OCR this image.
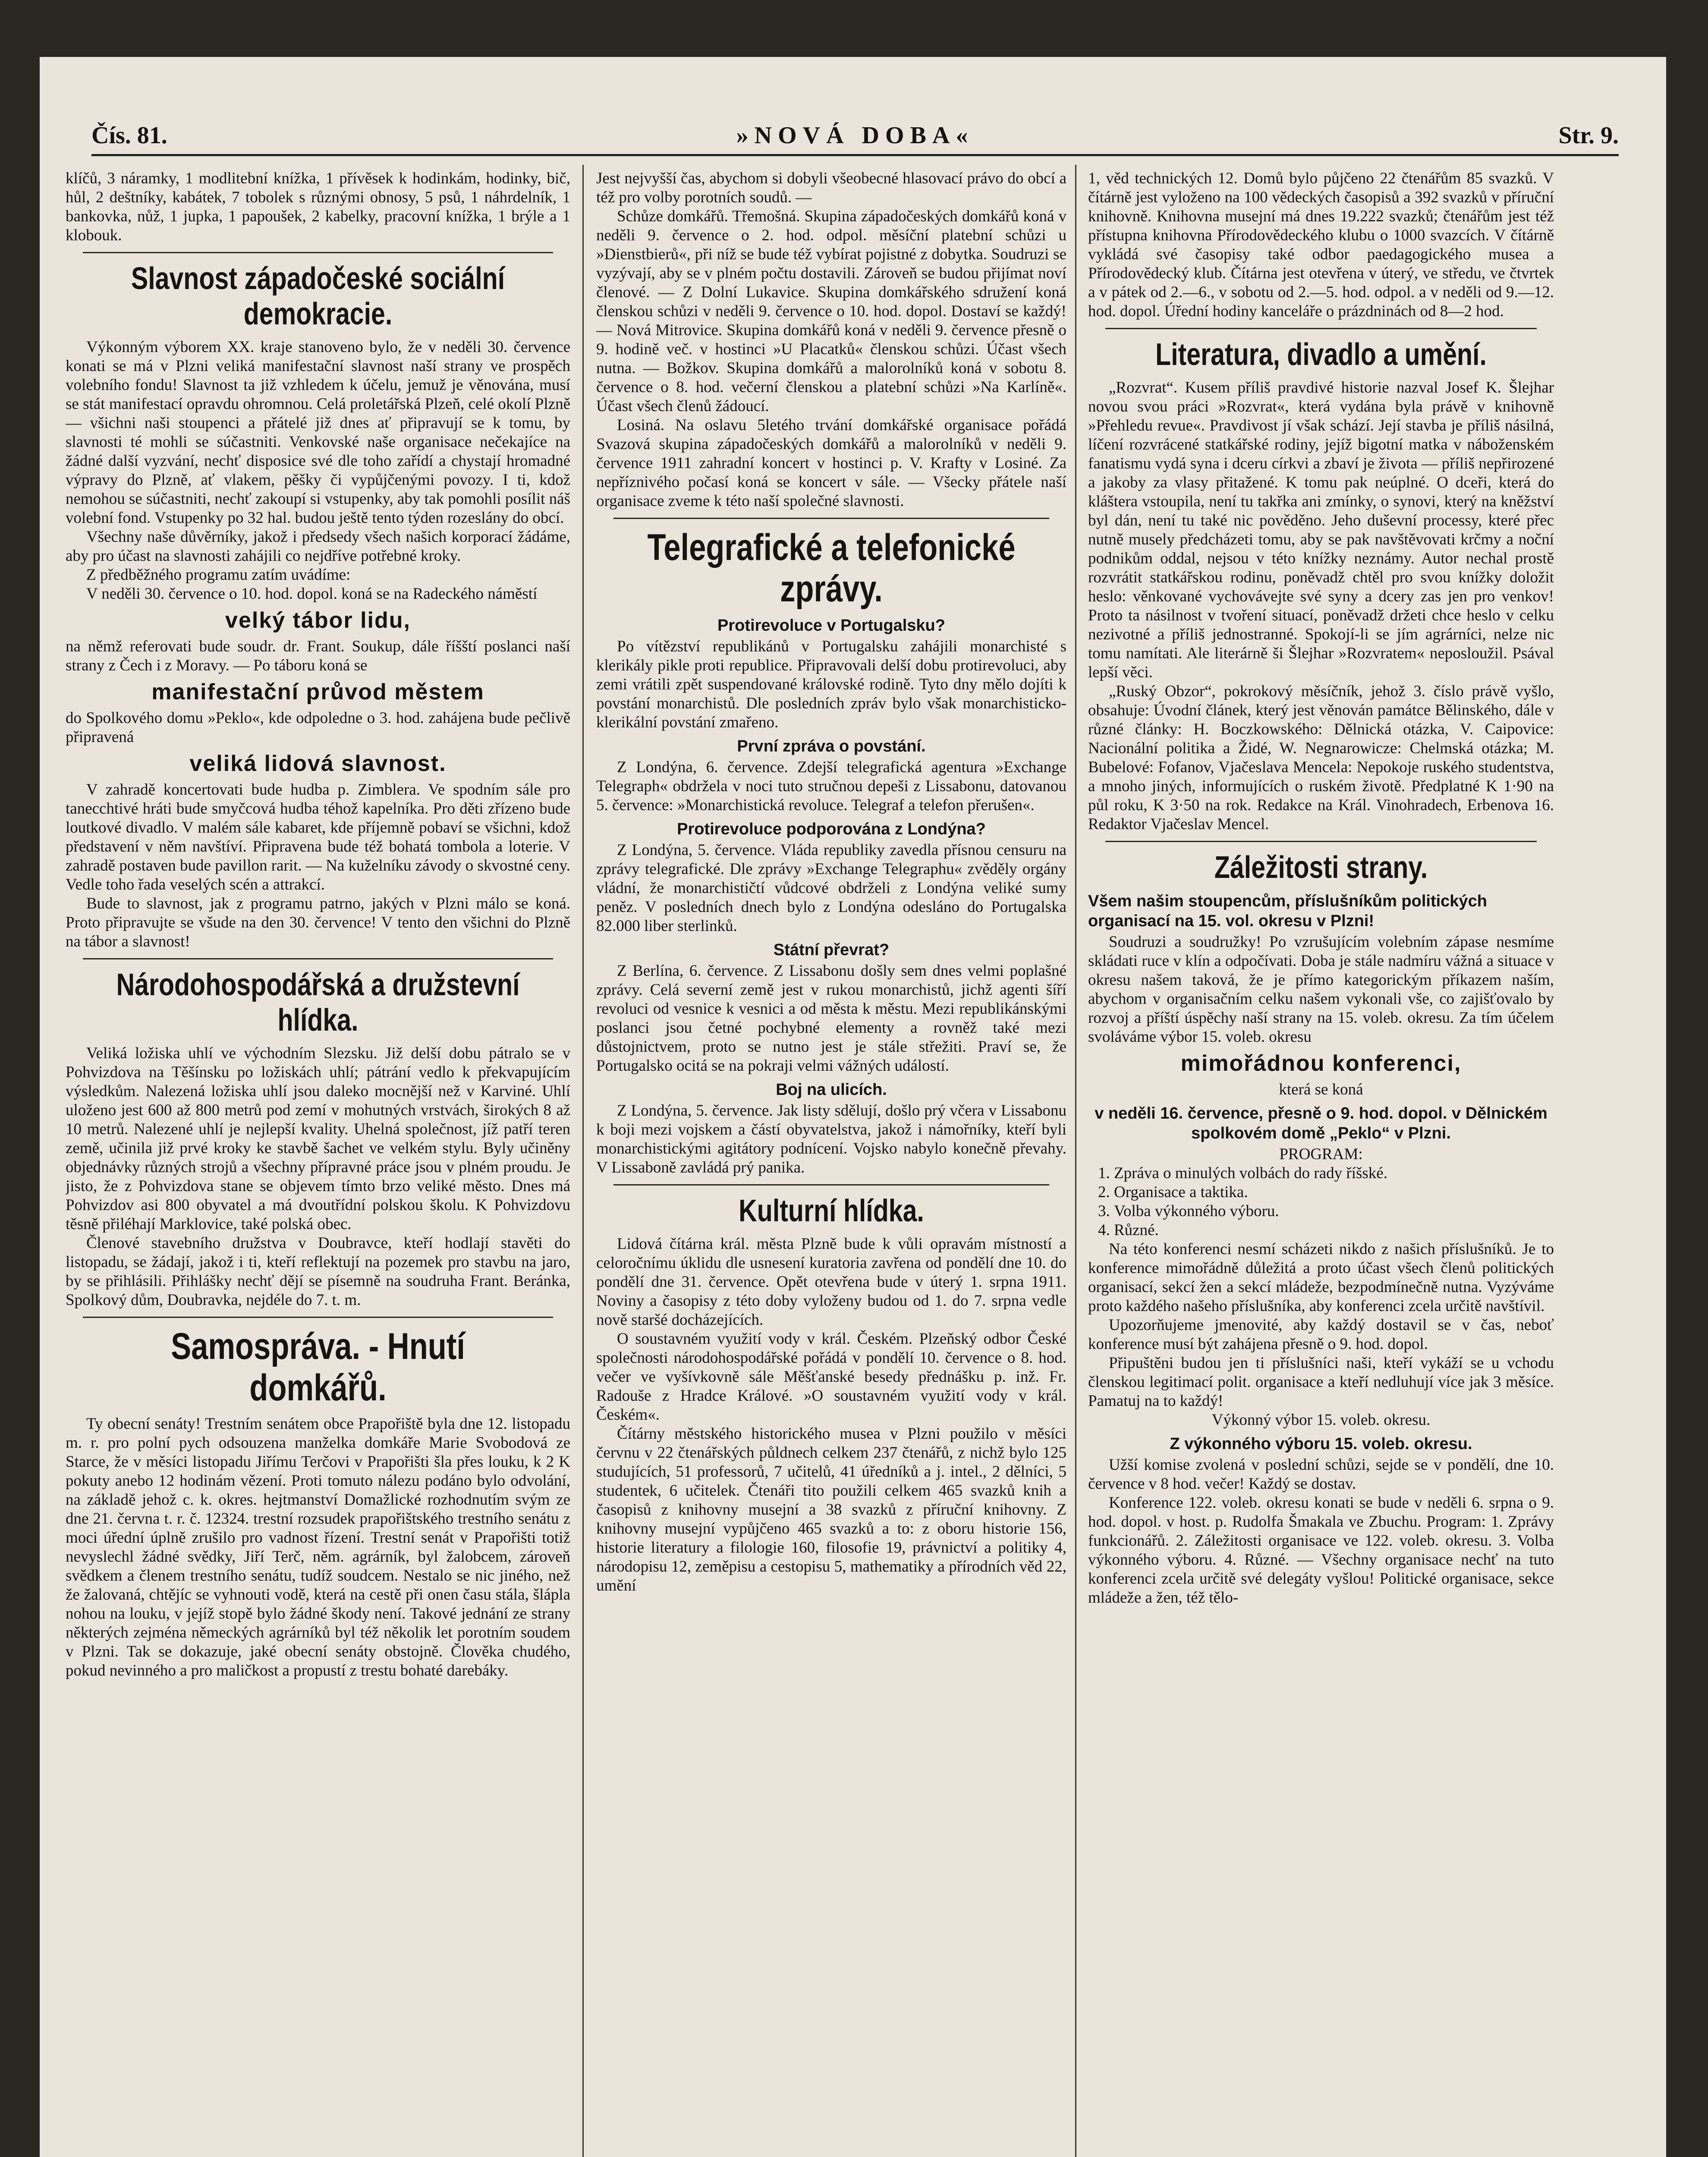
Čís. 81.	»NOVÁ DOBA«	Str. 9.

klíčů, 3 náramky, 1 modlitební knížka, 1 přívěsek k hodinkám, hodinky, bič, hůl, 2 deštníky, kabátek, 7 tobolek s různými obnosy, 5 psů, 1 náhrdelník, 1 bankovka, nůž, 1 jupka, 1 papoušek, 2 kabelky, pracovní knížka, 1 brýle a 1 klobouk.

Slavnost západočeské sociální demokracie.

Výkonným výborem XX. kraje stanoveno bylo, že v neděli 30. července konati se má v Plzni veliká manifestační slavnost naší strany ve prospěch volebního fondu! Slavnost ta již vzhledem k účelu, jemuž je věnována, musí se stát manifestací opravdu ohromnou. Celá proletářská Plzeň, celé okolí Plzně — všichni naši stoupenci a přátelé již dnes ať připravují se k tomu, by slavnosti té mohli se súčastniti. Venkovské naše organisace nečekajíce na žádné další vyzvání, nechť disposice své dle toho zařídí a chystají hromadné výpravy do Plzně, ať vlakem, pěšky či vypůjčenými povozy. I ti, kdož nemohou se súčastniti, nechť zakoupí si vstupenky, aby tak pomohli posílit náš volební fond. Vstupenky po 32 hal. budou ještě tento týden rozeslány do obcí.

Všechny naše důvěrníky, jakož i předsedy všech našich korporací žádáme, aby pro účast na slavnosti zahájili co nejdříve potřebné kroky.

Z předběžného programu zatím uvádíme:

V neděli 30. července o 10. hod. dopol. koná se na Radeckého náměstí

velký tábor lidu,

na němž referovati bude soudr. dr. Frant. Soukup, dále říšští poslanci naší strany z Čech i z Moravy. — Po táboru koná se

manifestační průvod městem

do Spolkového domu »Peklo«, kde odpoledne o 3. hod. zahájena bude pečlivě připravená

veliká lidová slavnost.

V zahradě koncertovati bude hudba p. Zimblera. Ve spodním sále pro tanecchtivé hráti bude smyčcová hudba téhož kapelníka. Pro děti zřízeno bude loutkové divadlo. V malém sále kabaret, kde příjemně pobaví se všichni, kdož představení v něm navštíví. Připravena bude též bohatá tombola a loterie. V zahradě postaven bude pavillon rarit. — Na kuželníku závody o skvostné ceny. Vedle toho řada veselých scén a attrakcí.

Bude to slavnost, jak z programu patrno, jakých v Plzni málo se koná. Proto připravujte se všude na den 30. července! V tento den všichni do Plzně na tábor a slavnost!

Národohospodářská a družstevní hlídka.

Veliká ložiska uhlí ve východním Slezsku. Již delší dobu pátralo se v Pohvizdova na Těšínsku po ložiskách uhlí; pátrání vedlo k překvapujícím výsledkům. Nalezená ložiska uhlí jsou daleko mocnější než v Karviné. Uhlí uloženo jest 600 až 800 metrů pod zemí v mohutných vrstvách, širokých 8 až 10 metrů. Nalezené uhlí je nejlepší kvality. Uhelná společnost, jíž patří teren země, učinila již prvé kroky ke stavbě šachet ve velkém stylu. Byly učiněny objednávky různých strojů a všechny přípravné práce jsou v plném proudu. Je jisto, že z Pohvizdova stane se objevem tímto brzo veliké město. Dnes má Pohvizdov asi 800 obyvatel a má dvoutřídní polskou školu. K Pohvizdovu těsně přiléhají Marklovice, také polská obec.

Členové stavebního družstva v Doubravce, kteří hodlají stavěti do listopadu, se žádají, jakož i ti, kteří reflektují na pozemek pro stavbu na jaro, by se přihlásili. Přihlášky nechť dějí se písemně na soudruha Frant. Beránka, Spolkový dům, Doubravka, nejdéle do 7. t. m.

Samospráva. - Hnutí domkářů.

Ty obecní senáty! Trestním senátem obce Prapořiště byla dne 12. listopadu m. r. pro polní pych odsouzena manželka domkáře Marie Svobodová ze Starce, že v měsíci listopadu Jiřímu Terčovi v Prapořišti šla přes louku, k 2 K pokuty anebo 12 hodinám vězení. Proti tomuto nálezu podáno bylo odvolání, na základě jehož c. k. okres. hejtmanství Domažlické rozhodnutím svým ze dne 21. června t. r. č. 12324. trestní rozsudek prapořištského trestního senátu z moci úřední úplně zrušilo pro vadnost řízení. Trestní senát v Prapořišti totiž nevyslechl žádné svědky, Jiří Terč, něm. agrárník, byl žalobcem, zároveň svědkem a členem trestního senátu, tudíž soudcem. Nestalo se nic jiného, než že žalovaná, chtějíc se vyhnouti vodě, která na cestě při onen času stála, šlápla nohou na louku, v jejíž stopě bylo žádné škody není. Takové jednání ze strany některých zejména německých agrárníků byl též několik let porotním soudem v Plzni. Tak se dokazuje, jaké obecní senáty obstojně. Člověka chudého, pokud nevinného a pro maličkost a propustí z trestu bohaté darebáky.

Jest nejvyšší čas, abychom si dobyli všeobecné hlasovací právo do obcí a též pro volby porotních soudů. —

Schůze domkářů. Třemošná. Skupina západočeských domkářů koná v neděli 9. července o 2. hod. odpol. měsíční platební schůzi u »Dienstbierů«, při níž se bude též vybírat pojistné z dobytka. Soudruzi se vyzývají, aby se v plném počtu dostavili. Zároveň se budou přijímat noví členové. — Z Dolní Lukavice. Skupina domkářského sdružení koná členskou schůzi v neděli 9. července o 10. hod. dopol. Dostaví se každý! — Nová Mitrovice. Skupina domkářů koná v neděli 9. července přesně o 9. hodině več. v hostinci »U Placatků« členskou schůzi. Účast všech nutna. — Božkov. Skupina domkářů a malorolníků koná v sobotu 8. července o 8. hod. večerní členskou a platební schůzi »Na Karlíně«. Účast všech členů žádoucí.

Losiná. Na oslavu 5letého trvání domkářské organisace pořádá Svazová skupina západočeských domkářů a malorolníků v neděli 9. července 1911 zahradní koncert v hostinci p. V. Krafty v Losiné. Za nepříznivého počasí koná se koncert v sále. — Všecky přátele naší organisace zveme k této naší společné slavnosti.

Telegrafické a telefonické zprávy.
Protirevoluce v Portugalsku?

Po vítězství republikánů v Portugalsku zahájili monarchisté s klerikály pikle proti republice. Připravovali delší dobu protirevoluci, aby zemi vrátili zpět suspendované královské rodině. Tyto dny mělo dojíti k povstání monarchistů. Dle posledních zpráv bylo však monarchisticko-klerikální povstání zmařeno.

První zpráva o povstání.

Z Londýna, 6. července. Zdejší telegrafická agentura »Exchange Telegraph« obdržela v noci tuto stručnou depeši z Lissabonu, datovanou 5. července: »Monarchistická revoluce. Telegraf a telefon přerušen«.

Protirevoluce podporována z Londýna?

Z Londýna, 5. července. Vláda republiky zavedla přísnou censuru na zprávy telegrafické. Dle zprávy »Exchange Telegraphu« zvěděly orgány vládní, že monarchističtí vůdcové obdrželi z Londýna veliké sumy peněz. V posledních dnech bylo z Londýna odesláno do Portugalska 82.000 liber sterlinků.

Státní převrat?

Z Berlína, 6. července. Z Lissabonu došly sem dnes velmi poplašné zprávy. Celá severní země jest v rukou monarchistů, jichž agenti šíří revoluci od vesnice k vesnici a od města k městu. Mezi republikánskými poslanci jsou četné pochybné elementy a rovněž také mezi důstojnictvem, proto se nutno jest je stále střežiti. Praví se, že Portugalsko ocitá se na pokraji velmi vážných událostí.

Boj na ulicích.

Z Londýna, 5. července. Jak listy sdělují, došlo prý včera v Lissabonu k boji mezi vojskem a částí obyvatelstva, jakož i námořníky, kteří byli monarchistickými agitátory podnícení. Vojsko nabylo konečně převahy. V Lissaboně zavládá prý panika.

Kulturní hlídka.

Lidová čítárna král. města Plzně bude k vůli opravám místností a celoročnímu úklidu dle usnesení kuratoria zavřena od pondělí dne 10. do pondělí dne 31. července. Opět otevřena bude v úterý 1. srpna 1911. Noviny a časopisy z této doby vyloženy budou od 1. do 7. srpna vedle nově staršé docházejících.

O soustavném využití vody v král. Českém. Plzeňský odbor České společnosti národohospodářské pořádá v pondělí 10. července o 8. hod. večer ve vyšívkovně sále Měšťanské besedy přednášku p. inž. Fr. Radouše z Hradce Králové. »O soustavném využití vody v král. Českém«.

Čítárny městského historického musea v Plzni použilo v měsíci červnu v 22 čtenářských půldnech celkem 237 čtenářů, z nichž bylo 125 studujících, 51 professorů, 7 učitelů, 41 úředníků a j. intel., 2 dělníci, 5 studentek, 6 učitelek. Čtenáři tito použili celkem 465 svazků knih a časopisů z knihovny musejní a 38 svazků z příruční knihovny. Z knihovny musejní vypůjčeno 465 svazků a to: z oboru historie 156, historie literatury a filologie 160, filosofie 19, právnictví a politiky 4, národopisu 12, zeměpisu a cestopisu 5, mathematiky a přírodních věd 22, umění

1, věd technických 12. Domů bylo půjčeno 22 čtenářům 85 svazků. V čítárně jest vyloženo na 100 vědeckých časopisů a 392 svazků v příruční knihovně. Knihovna musejní má dnes 19.222 svazků; čtenářům jest též přístupna knihovna Přírodovědeckého klubu o 1000 svazcích. V čítárně vykládá své časopisy také odbor paedagogického musea a Přírodovědecký klub. Čítárna jest otevřena v úterý, ve středu, ve čtvrtek a v pátek od 2.—6., v sobotu od 2.—5. hod. odpol. a v neděli od 9.—12. hod. dopol. Úřední hodiny kanceláře o prázdninách od 8—2 hod.

Literatura, divadlo a umění.

„Rozvrat“. Kusem příliš pravdivé historie nazval Josef K. Šlejhar novou svou práci »Rozvrat«, která vydána byla právě v knihovně »Přehledu revue«. Pravdivost jí však schází. Její stavba je příliš násilná, líčení rozvrácené statkářské rodiny, jejíž bigotní matka v náboženském fanatismu vydá syna i dceru církvi a zbaví je života — příliš nepřirozené a jakoby za vlasy přitažené. K tomu pak neúplné. O dceři, která do kláštera vstoupila, není tu takřka ani zmínky, o synovi, který na kněžství byl dán, není tu také nic pověděno. Jeho duševní processy, které přec nutně musely předcházeti tomu, aby se pak navštěvovati krčmy a noční podnikům oddal, nejsou v této knížky neznámy. Autor nechal prostě rozvrátit statkářskou rodinu, poněvadž chtěl pro svou knížky doložit heslo: věnkované vychovávejte své syny a dcery zas jen pro venkov! Proto ta násilnost v tvoření situací, poněvadž držeti chce heslo v celku nezivotné a příliš jednostranné. Spokojí-li se jím agrárníci, nelze nic tomu namítati. Ale literárně ši Šlejhar »Rozvratem« neposloužil. Psával lepší věci.

„Ruský Obzor“, pokrokový měsíčník, jehož 3. číslo právě vyšlo, obsahuje: Úvodní článek, který jest věnován památce Bělinského, dále v různé články: H. Boczkowského: Dělnická otázka, V. Caipovice: Nacionální politika a Židé, W. Negnarowicze: Chelmská otázka; M. Bubelové: Fofanov, Vjačeslava Mencela: Nepokoje ruského studentstva, a mnoho jiných, informujících o ruském životě. Předplatné K 1·90 na půl roku, K 3·50 na rok. Redakce na Král. Vinohradech, Erbenova 16. Redaktor Vjačeslav Mencel.

Záležitosti strany.
Všem našim stoupencům, příslušníkům politických organisací na 15. vol. okresu v Plzni!

Soudruzi a soudružky! Po vzrušujícím volebním zápase nesmíme skládati ruce v klín a odpočívati. Doba je stále nadmíru vážná a situace v okresu našem taková, že je přímo kategorickým příkazem naším, abychom v organisačním celku našem vykonali vše, co zajišťovalo by rozvoj a příští úspěchy naší strany na 15. voleb. okresu. Za tím účelem svoláváme výbor 15. voleb. okresu

mimořádnou konferenci,

která se koná

v neděli 16. července, přesně o 9. hod. dopol. v Dělnickém spolkovém domě „Peklo“ v Plzni.

PROGRAM:

1. Zpráva o minulých volbách do rady říšské.
2. Organisace a taktika.
3. Volba výkonného výboru.
4. Různé.

Na této konferenci nesmí scházeti nikdo z našich příslušníků. Je to konference mimořádně důležitá a proto účast všech členů politických organisací, sekcí žen a sekcí mládeže, bezpodmínečně nutna. Vyzýváme proto každého našeho příslušníka, aby konferenci zcela určitě navštívil.

Upozorňujeme jmenovité, aby každý dostavil se v čas, neboť konference musí být zahájena přesně o 9. hod. dopol.

Připuštěni budou jen ti příslušníci naši, kteří vykáží se u vchodu členskou legitimací polit. organisace a kteří nedluhují více jak 3 měsíce. Pamatuj na to každý!

Výkonný výbor 15. voleb. okresu.

Z výkonného výboru 15. voleb. okresu.

Užší komise zvolená v poslední schůzi, sejde se v pondělí, dne 10. července v 8 hod. večer! Každý se dostav.

Konference 122. voleb. okresu konati se bude v neděli 6. srpna o 9. hod. dopol. v host. p. Rudolfa Šmakala ve Zbuchu. Program: 1. Zprávy funkcionářů. 2. Záležitosti organisace ve 122. voleb. okresu. 3. Volba výkonného výboru. 4. Různé. — Všechny organisace nechť na tuto konferenci zcela určitě své delegáty vyšlou! Politické organisace, sekce mládeže a žen, též tělo-
